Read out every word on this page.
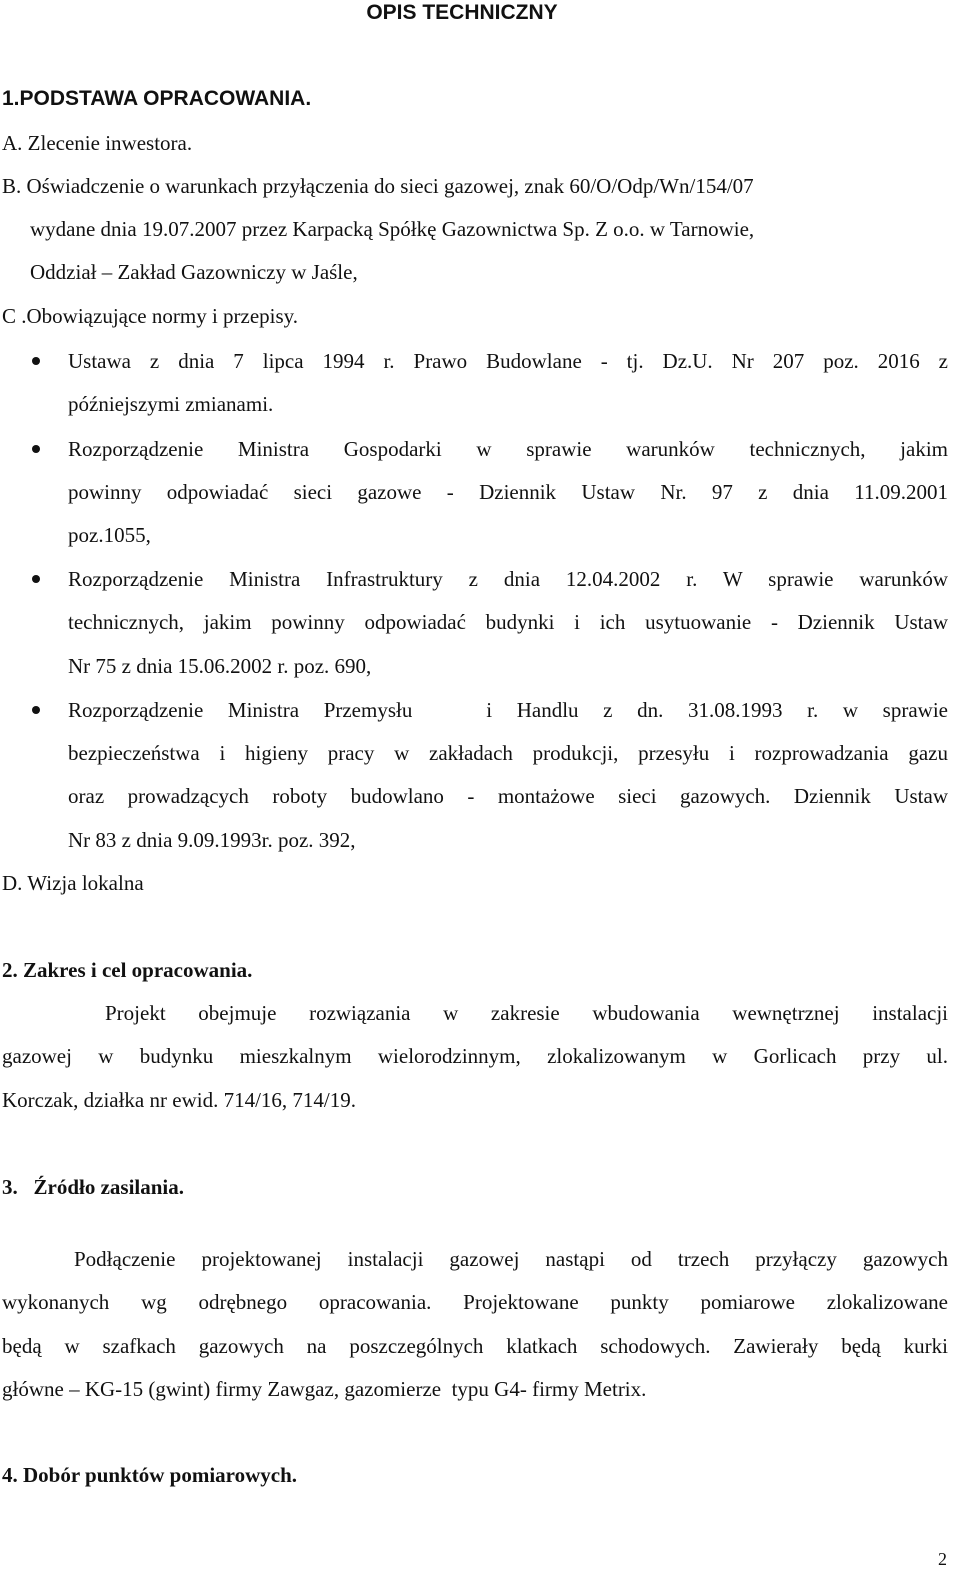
OPIS TECHNICZNY
1.PODSTAWA OPRACOWANIA.
A. Zlecenie inwestora.
B. Oświadczenie o warunkach przyłączenia do sieci gazowej, znak 60/O/Odp/Wn/154/07
wydane dnia 19.07.2007 przez Karpacką Spółkę Gazownictwa Sp. Z o.o. w Tarnowie,
Oddział – Zakład Gazowniczy w Jaśle,
C .Obowiązujące normy i przepisy.
Ustawa z dnia 7 lipca 1994 r. Prawo Budowlane - tj. Dz.U. Nr 207 poz. 2016 z
późniejszymi zmianami.
Rozporządzenie Ministra Gospodarki w sprawie warunków technicznych, jakim
powinny odpowiadać sieci gazowe - Dziennik Ustaw Nr. 97 z dnia 11.09.2001
poz.1055,
Rozporządzenie Ministra Infrastruktury z dnia 12.04.2002 r. W sprawie warunków
technicznych, jakim powinny odpowiadać budynki i ich usytuowanie - Dziennik Ustaw
Nr 75 z dnia 15.06.2002 r. poz. 690,
Rozporządzenie Ministra Przemysłu   i Handlu z dn. 31.08.1993 r. w sprawie
bezpieczeństwa i higieny pracy w zakładach produkcji, przesyłu i rozprowadzania gazu
oraz prowadzących roboty budowlano - montażowe sieci gazowych. Dziennik Ustaw
Nr 83 z dnia 9.09.1993r. poz. 392,
D. Wizja lokalna
2. Zakres i cel opracowania.
Projekt obejmuje rozwiązania w zakresie wbudowania wewnętrznej instalacji
gazowej w budynku mieszkalnym wielorodzinnym, zlokalizowanym w Gorlicach przy ul.
Korczak, działka nr ewid. 714/16, 714/19.
3.   Źródło zasilania.
Podłączenie projektowanej instalacji gazowej nastąpi od trzech przyłączy gazowych
wykonanych wg odrębnego opracowania. Projektowane punkty pomiarowe zlokalizowane
będą w szafkach gazowych na poszczególnych klatkach schodowych. Zawierały będą kurki
główne – KG-15 (gwint) firmy Zawgaz, gazomierze  typu G4- firmy Metrix.
4. Dobór punktów pomiarowych.
2
